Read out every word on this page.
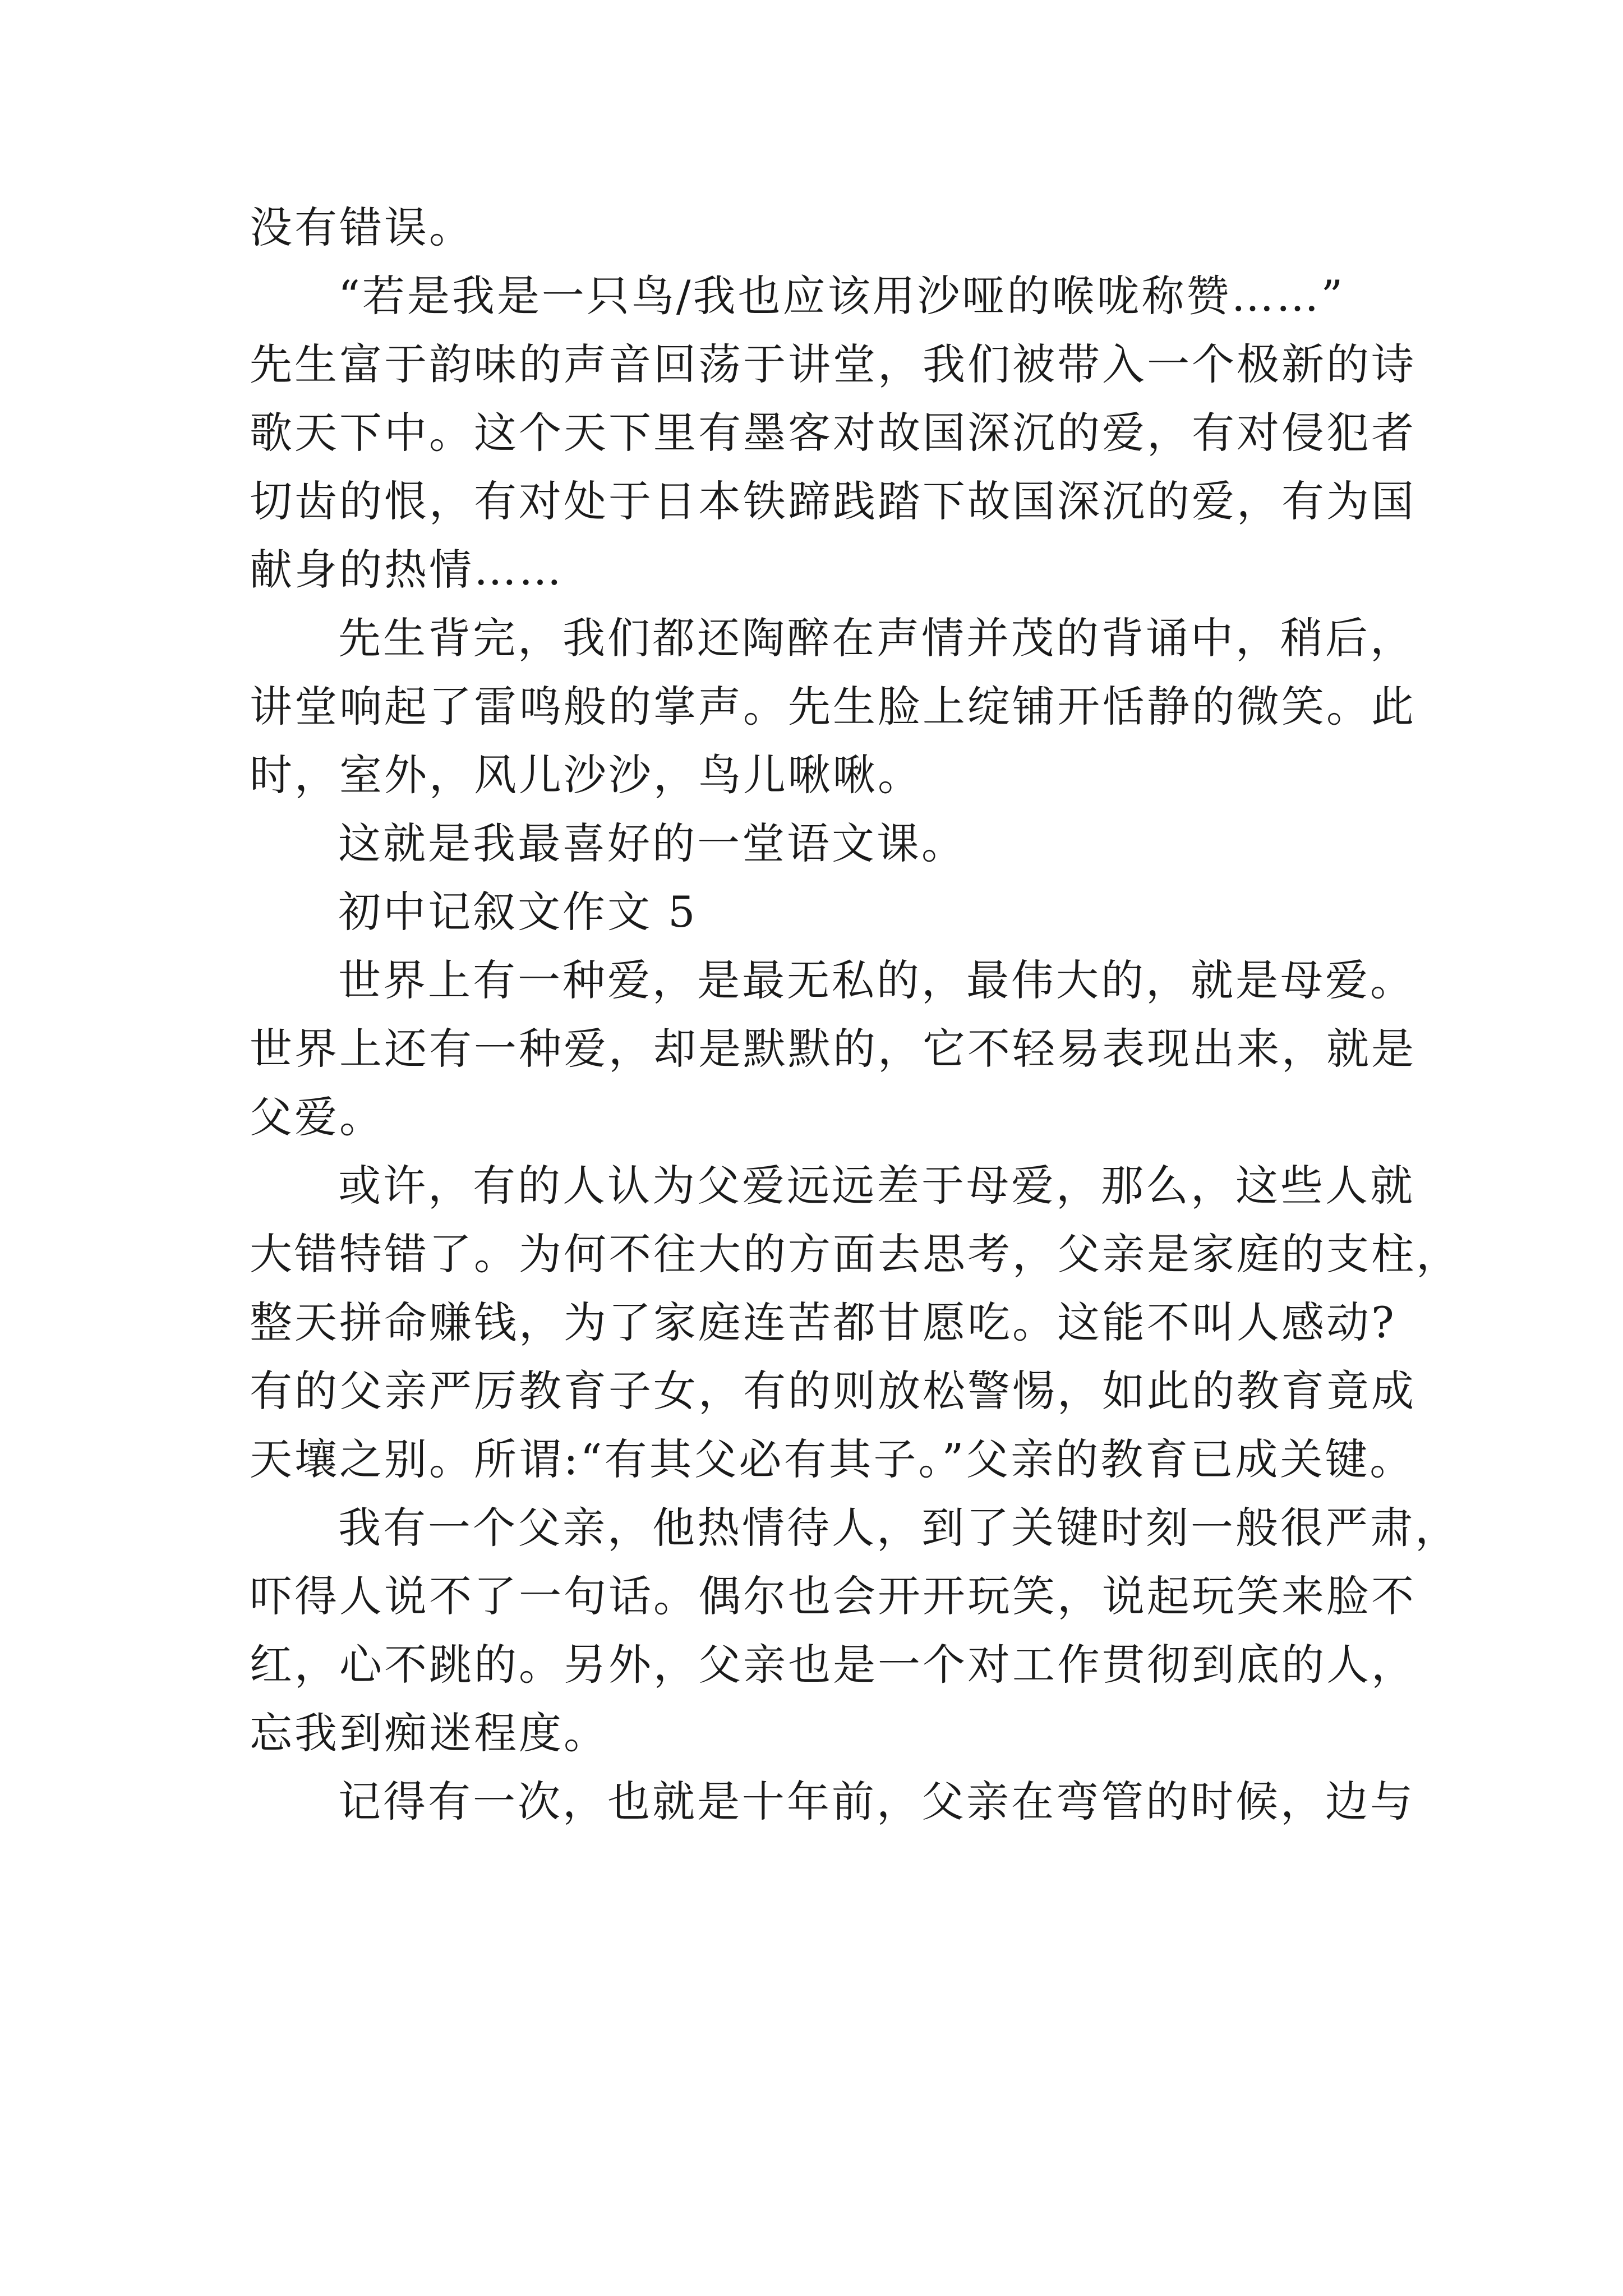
没有错误。
“若是我是一只鸟/我也应该用沙哑的喉咙称赞……”
先生富于韵味的声音回荡于讲堂，我们被带入一个极新的诗
歌天下中。这个天下里有墨客对故国深沉的爱，有对侵犯者
切齿的恨，有对处于日本铁蹄践踏下故国深沉的爱，有为国
献身的热情……
先生背完，我们都还陶醉在声情并茂的背诵中，稍后，
讲堂响起了雷鸣般的掌声。先生脸上绽铺开恬静的微笑。此
时，室外，风儿沙沙，鸟儿啾啾。
这就是我最喜好的一堂语文课。
初中记叙文作文 5
世界上有一种爱，是最无私的，最伟大的，就是母爱。
世界上还有一种爱，却是默默的，它不轻易表现出来，就是
父爱。
或许，有的人认为父爱远远差于母爱，那么，这些人就
大错特错了。为何不往大的方面去思考，父亲是家庭的支柱，
整天拼命赚钱，为了家庭连苦都甘愿吃。这能不叫人感动?
有的父亲严厉教育子女，有的则放松警惕，如此的教育竟成
天壤之别。所谓:“有其父必有其子。”父亲的教育已成关键。
我有一个父亲，他热情待人，到了关键时刻一般很严肃，
吓得人说不了一句话。偶尔也会开开玩笑，说起玩笑来脸不
红，心不跳的。另外，父亲也是一个对工作贯彻到底的人，
忘我到痴迷程度。
记得有一次，也就是十年前，父亲在弯管的时候，边与
